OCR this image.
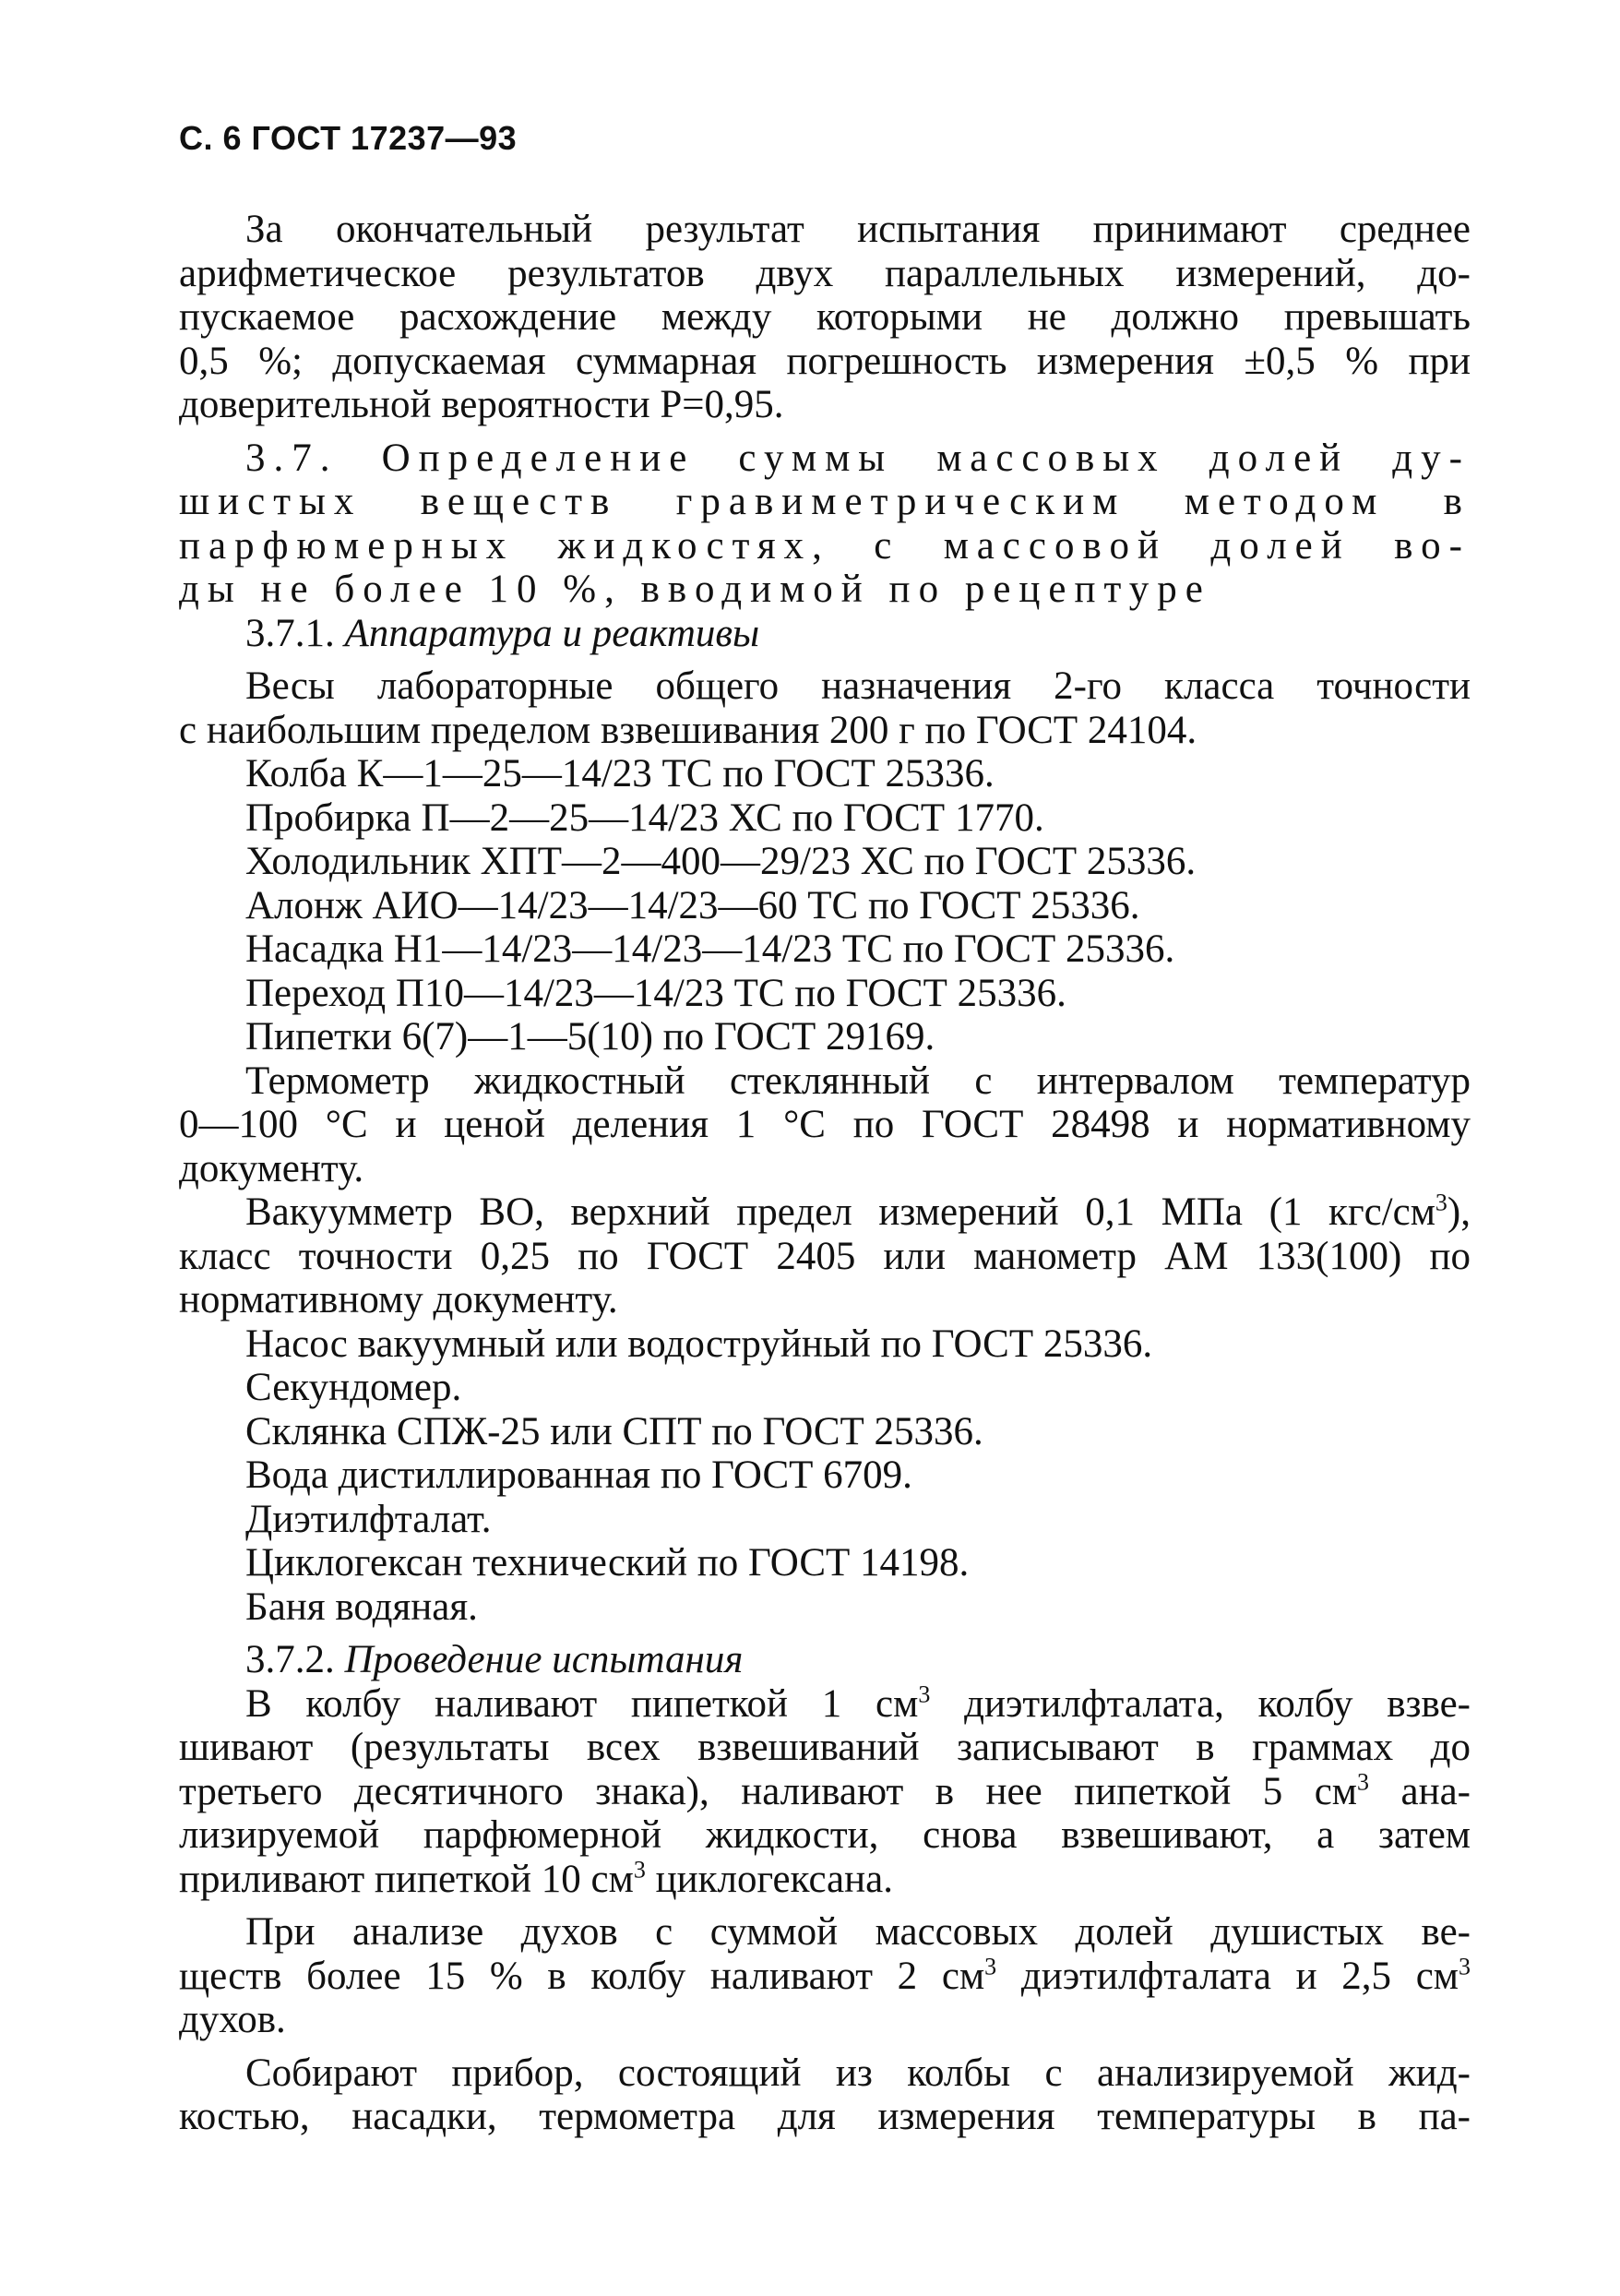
С. 6 ГОСТ 17237—93

За окончательный результат испытания принимают среднее

арифметическое результатов двух параллельных измерений, до-

пускаемое расхождение между которыми не должно превышать

0,5 %; допускаемая суммарная погрешность измерения ±0,5 % при

доверительной вероятности P=0,95.

3.7. Определение суммы массовых долей ду-

шистых веществ гравиметрическим методом в

парфюмерных жидкостях, с массовой долей во-

ды не более 10 %, вводимой по рецептуре

3.7.1. Аппаратура и реактивы

Весы лабораторные общего назначения 2-го класса точности

с наибольшим пределом взвешивания 200 г по ГОСТ 24104.

Колба К—1—25—14/23 ТС по ГОСТ 25336.

Пробирка П—2—25—14/23 ХС по ГОСТ 1770.

Холодильник ХПТ—2—400—29/23 ХС по ГОСТ 25336.

Алонж АИО—14/23—14/23—60 ТС по ГОСТ 25336.

Насадка Н1—14/23—14/23—14/23 ТС по ГОСТ 25336.

Переход П10—14/23—14/23 ТС по ГОСТ 25336.

Пипетки 6(7)—1—5(10) по ГОСТ 29169.

Термометр жидкостный стеклянный с интервалом температур

0—100 °С и ценой деления 1 °С по ГОСТ 28498 и нормативному

документу.

Вакуумметр ВО, верхний предел измерений 0,1 МПа (1 кгс/$см^3$),

класс точности 0,25 по ГОСТ 2405 или манометр АМ 133(100) по

нормативному документу.

Насос вакуумный или водоструйный по ГОСТ 25336.

Секундомер.

Склянка СПЖ-25 или СПТ по ГОСТ 25336.

Вода дистиллированная по ГОСТ 6709.

Диэтилфталат.

Циклогексан технический по ГОСТ 14198.

Баня водяная.

3.7.2. Проведение испытания

В колбу наливают пипеткой 1 $см^3$ диэтилфталата, колбу взве-

шивают (результаты всех взвешиваний записывают в граммах до

третьего десятичного знака), наливают в нее пипеткой 5 $см^3$ ана-

лизируемой парфюмерной жидкости, снова взвешивают, а затем

приливают пипеткой 10 $см^3$ циклогексана.

При анализе духов с суммой массовых долей душистых ве-

ществ более 15 % в колбу наливают 2 $см^3$ диэтилфталата и 2,5 $см^3$

духов.

Собирают прибор, состоящий из колбы с анализируемой жид-

костью, насадки, термометра для измерения температуры в па-
